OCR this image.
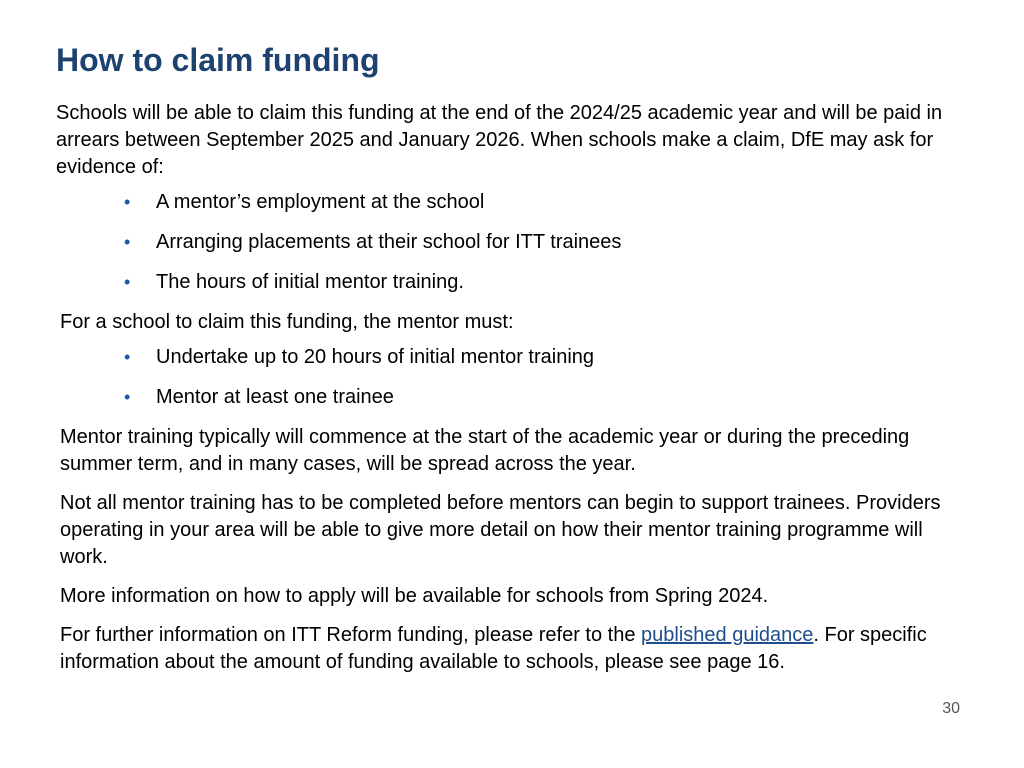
How to claim funding

Schools will be able to claim this funding at the end of the 2024/25 academic year and will be paid in arrears between September 2025 and January 2026. When schools make a claim, DfE may ask for evidence of:

• A mentor’s employment at the school
• Arranging placements at their school for ITT trainees
• The hours of initial mentor training.

For a school to claim this funding, the mentor must:

• Undertake up to 20 hours of initial mentor training
• Mentor at least one trainee

Mentor training typically will commence at the start of the academic year or during the preceding summer term, and in many cases, will be spread across the year.

Not all mentor training has to be completed before mentors can begin to support trainees. Providers operating in your area will be able to give more detail on how their mentor training programme will work.

More information on how to apply will be available for schools from Spring 2024.

For further information on ITT Reform funding, please refer to the published guidance. For specific information about the amount of funding available to schools, please see page 16.

30
